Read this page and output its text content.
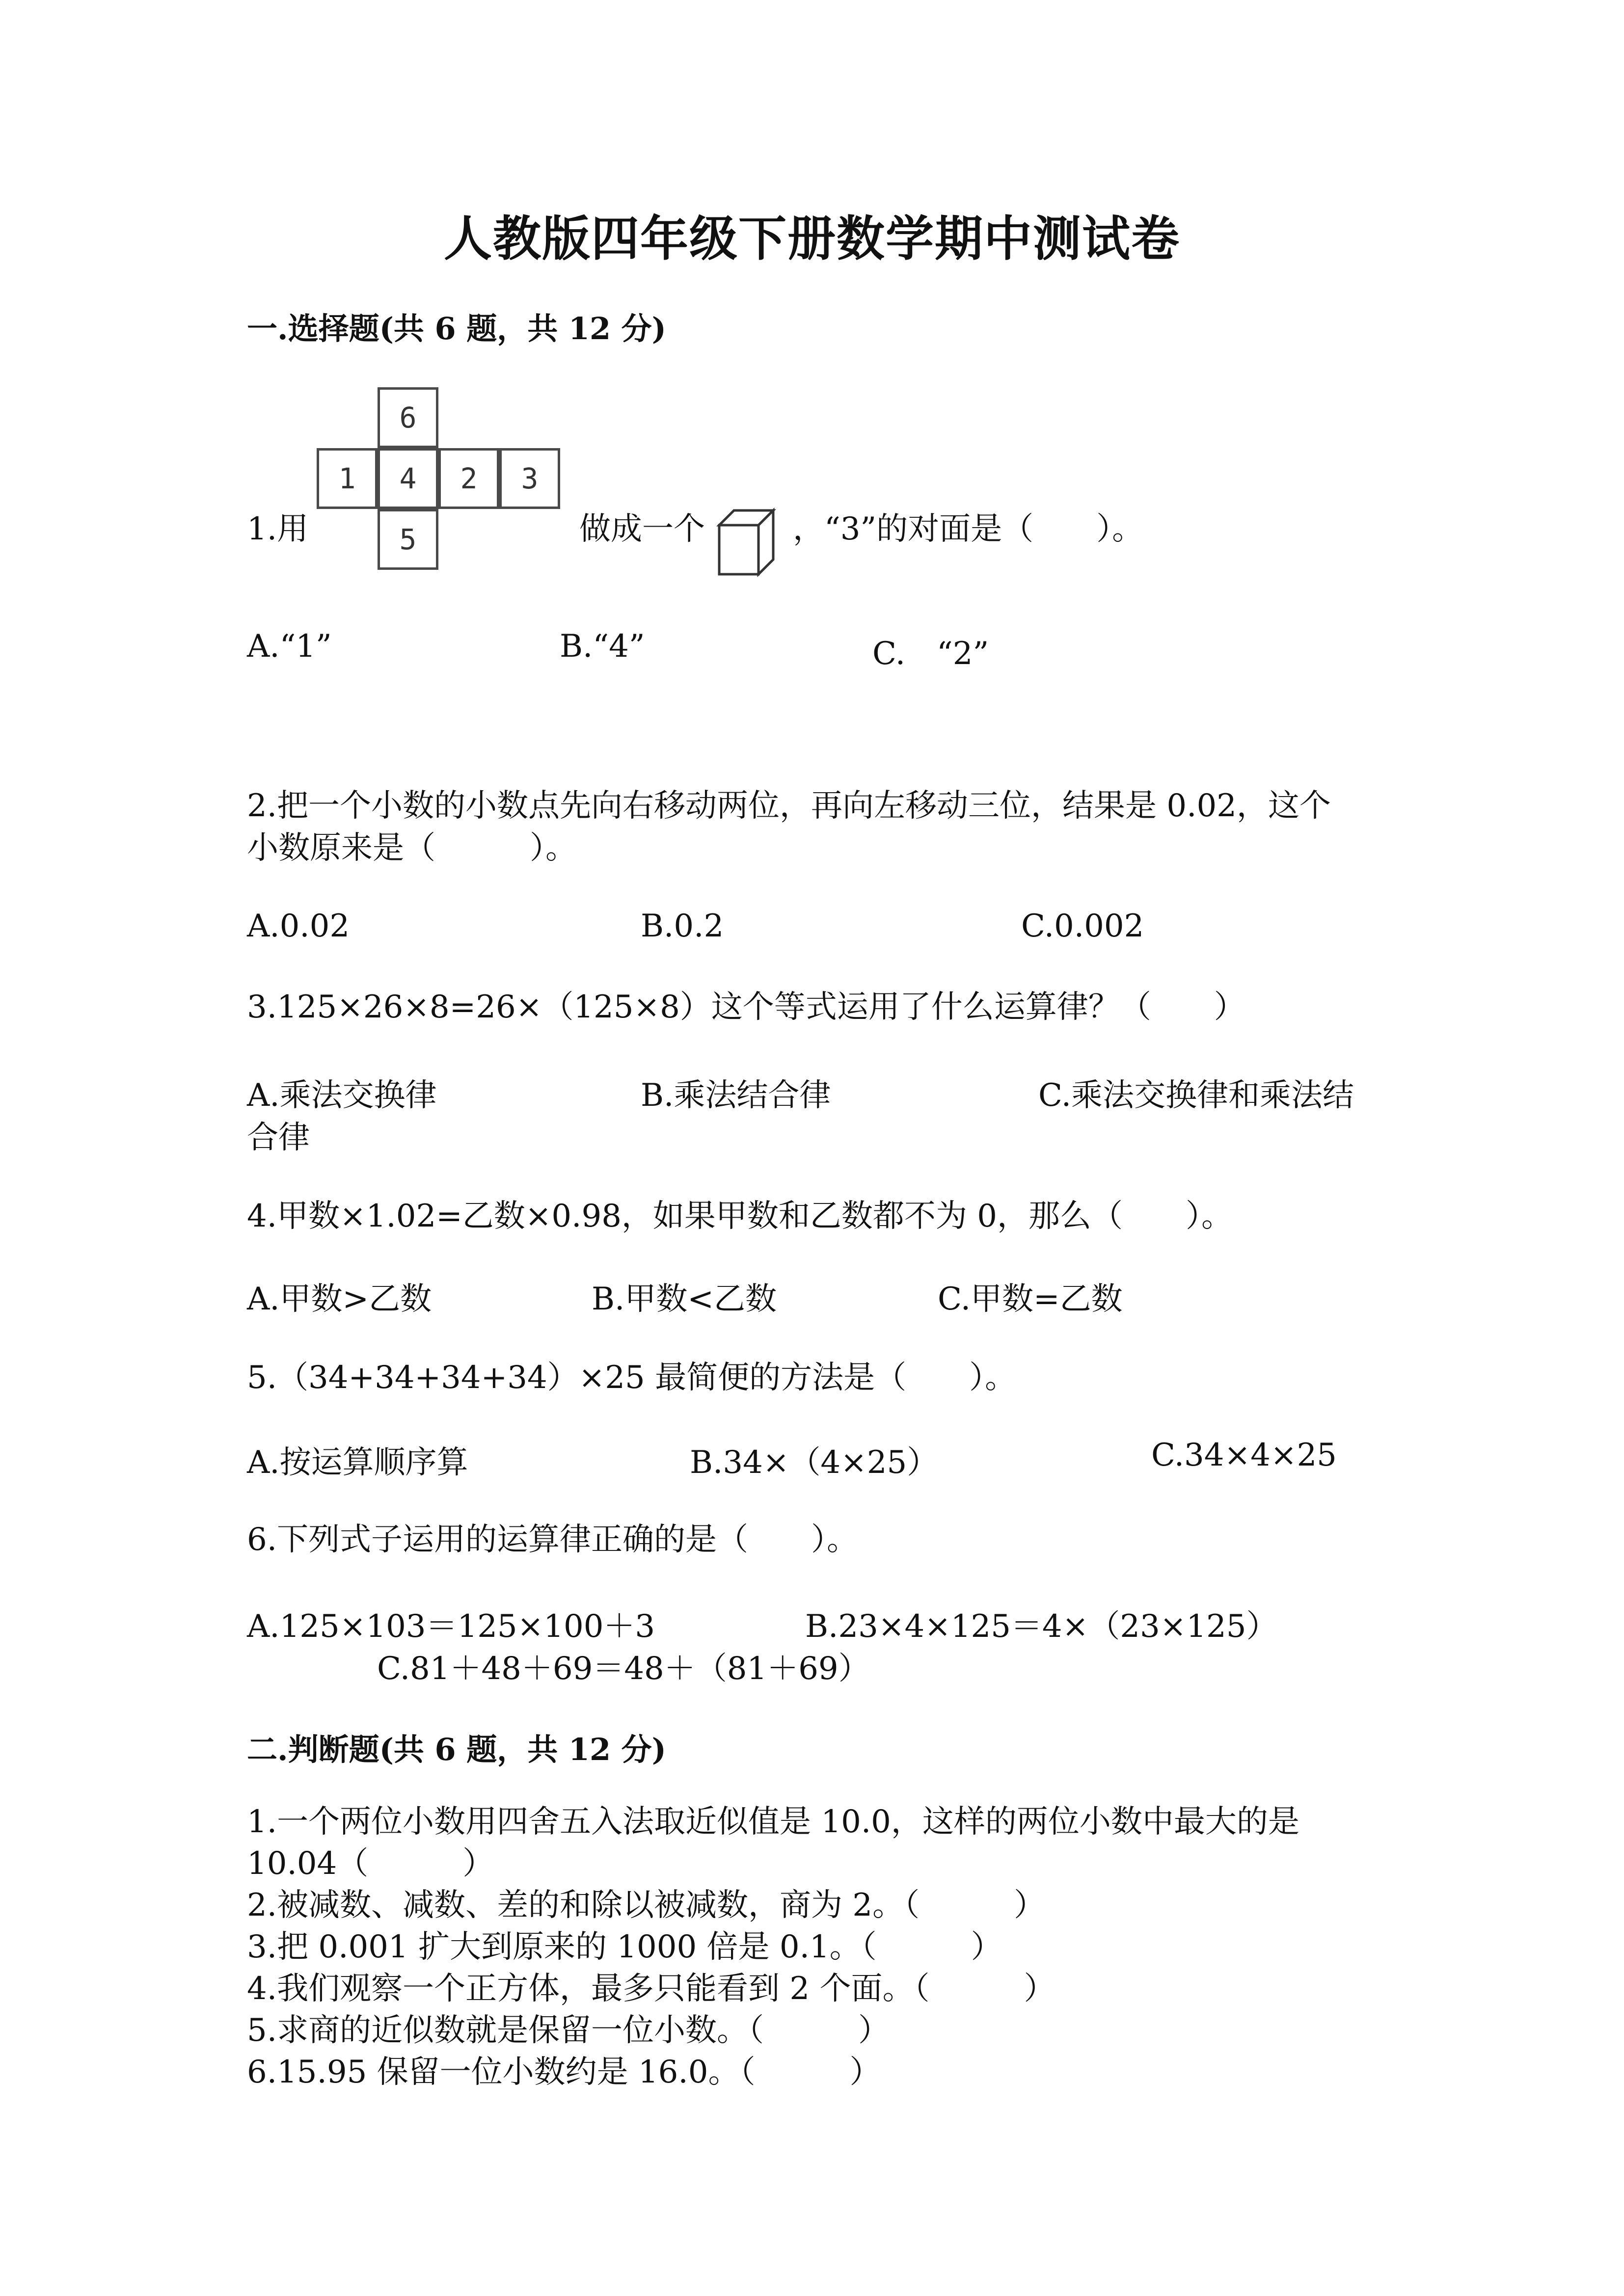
人教版四年级下册数学期中测试卷
一.选择题(共 6 题，共 12 分)
1.用
6
1	4	2	3
5	做成一个	，“3”的对面是（　　）。
A.“1”	B.“4”	C.　“2”
2.把一个小数的小数点先向右移动两位，再向左移动三位，结果是 0.02，这个
小数原来是（　　　）。
A.0.02	B.0.2	C.0.002
3.125×26×8=26×（125×8）这个等式运用了什么运算律？（　　）
A.乘法交换律	B.乘法结合律	C.乘法交换律和乘法结
合律
4.甲数×1.02=乙数×0.98，如果甲数和乙数都不为 0，那么（　　）。
A.甲数>乙数	B.甲数<乙数	C.甲数=乙数
5.（34+34+34+34）×25 最简便的方法是（　　）。
A.按运算顺序算	B.34×（4×25）	C.34×4×25
6.下列式子运用的运算律正确的是（　　）。
A.125×103＝125×100＋3	B.23×4×125＝4×（23×125）
C.81＋48＋69＝48＋（81＋69）
二.判断题(共 6 题，共 12 分)
1.一个两位小数用四舍五入法取近似值是 10.0，这样的两位小数中最大的是
10.04（　　　）
2.被减数、减数、差的和除以被减数，商为 2。（　　　）
3.把 0.001 扩大到原来的 1000 倍是 0.1。（　　　）
4.我们观察一个正方体，最多只能看到 2 个面。（　　　）
5.求商的近似数就是保留一位小数。（　　　）
6.15.95 保留一位小数约是 16.0。（　　　）
